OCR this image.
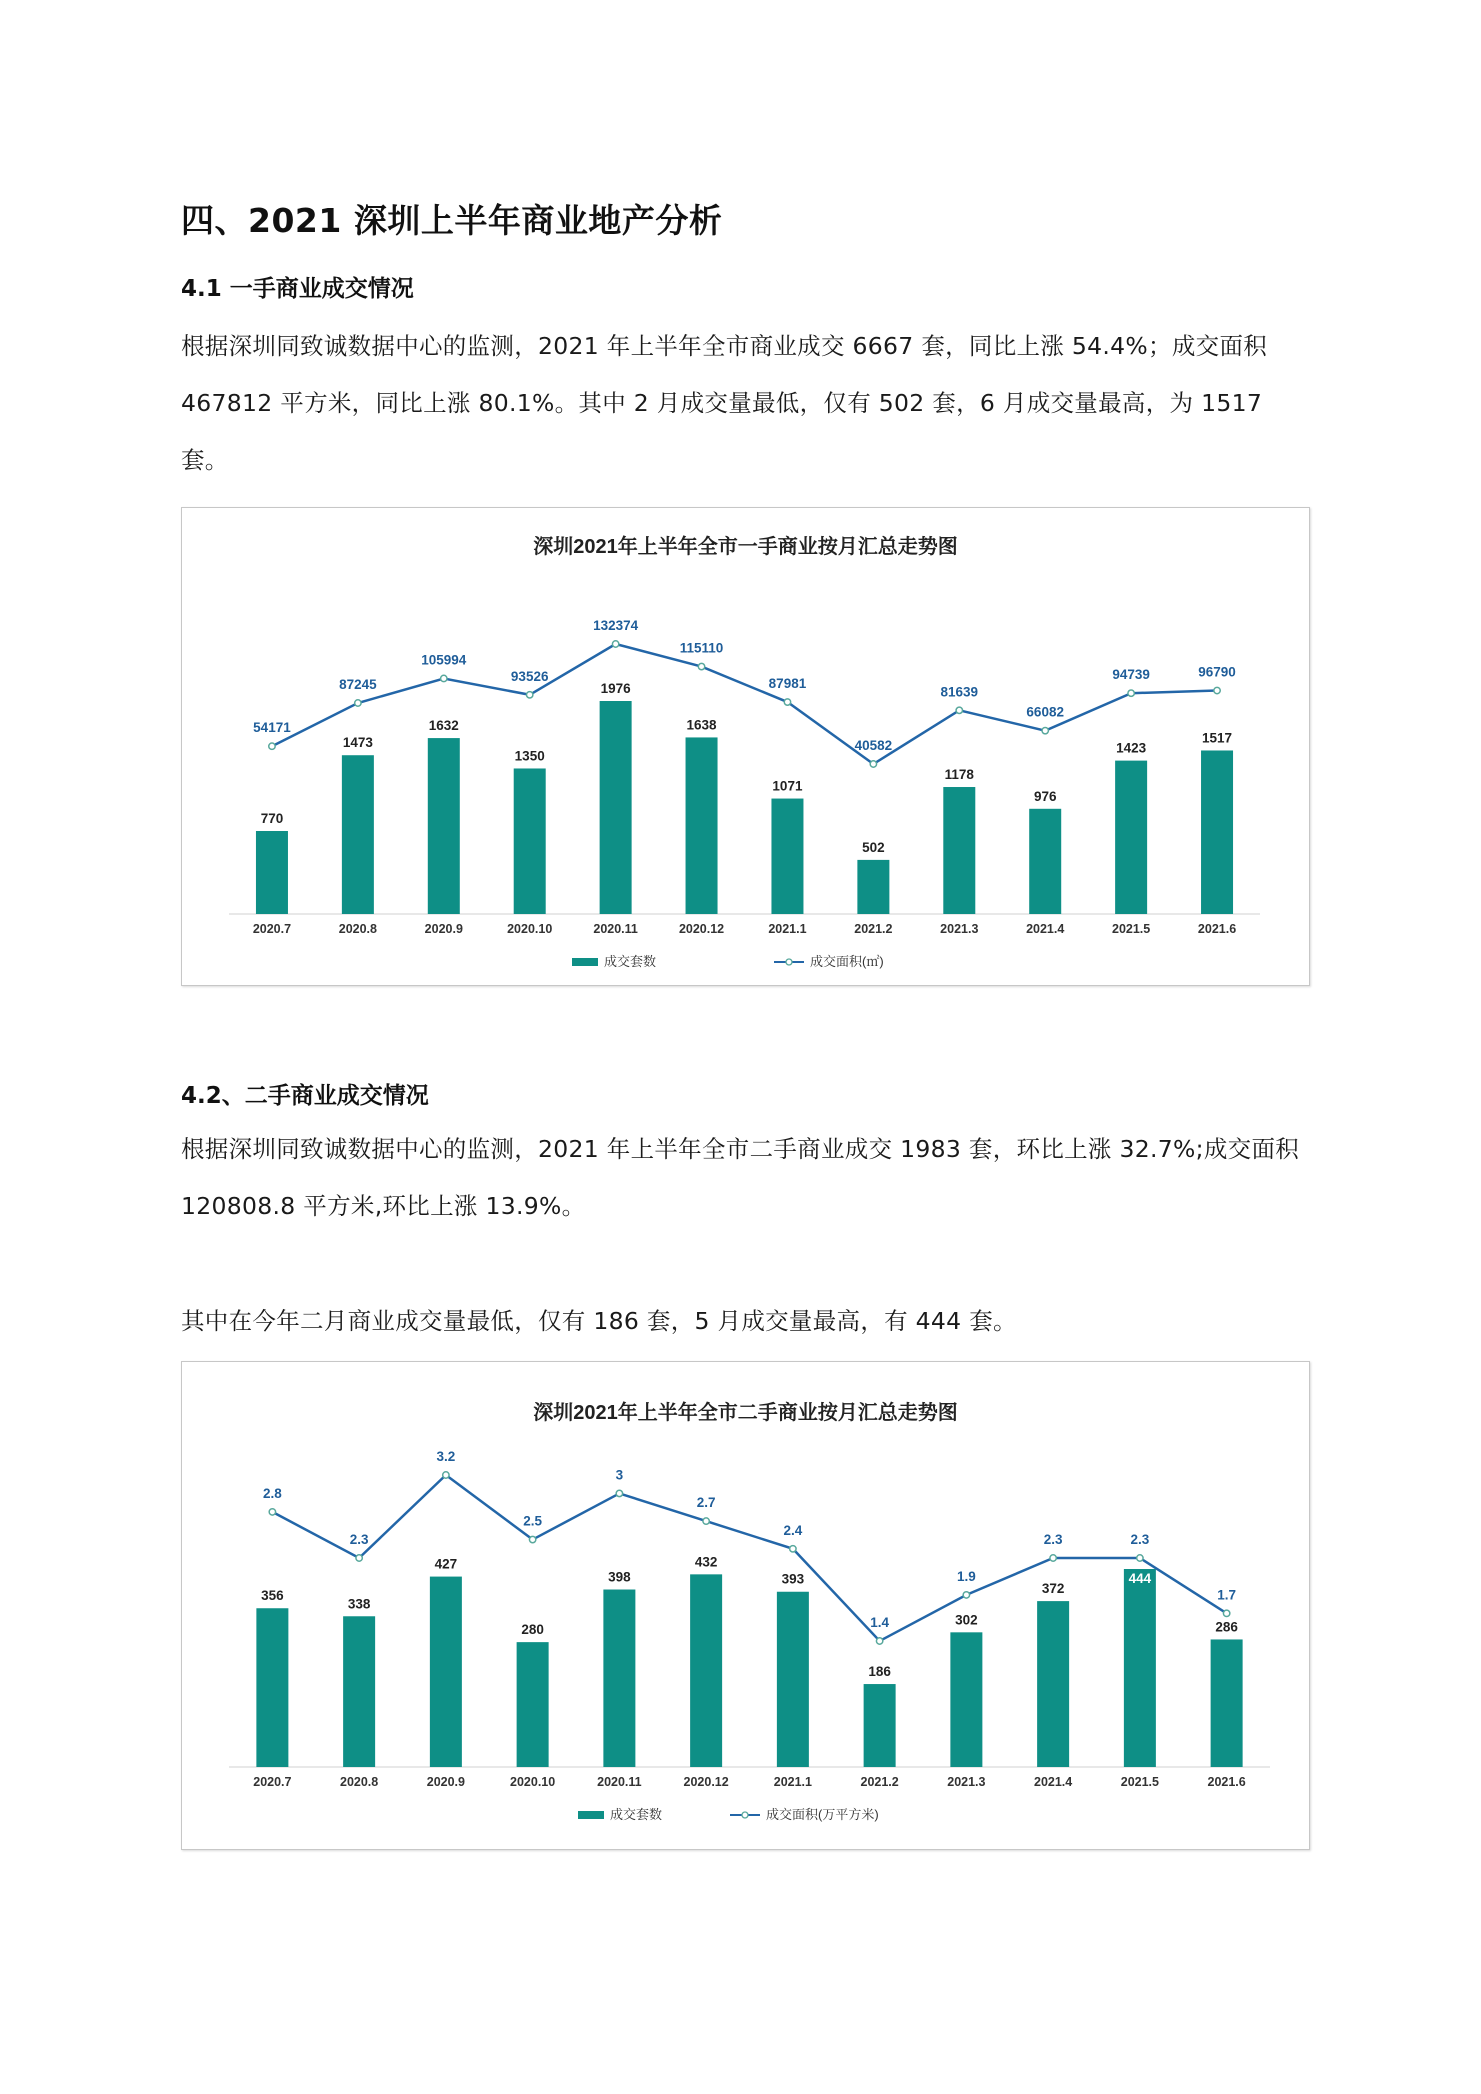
四、2021 深圳上半年商业地产分析
4.1 一手商业成交情况
根据深圳同致诚数据中心的监测，2021 年上半年全市商业成交 6667 套，同比上涨 54.4%；成交面积 467812 平方米，同比上涨 80.1%。其中 2 月成交量最低，仅有 502 套，6 月成交量最高，为 1517 套。
深圳2021年上半年全市一手商业按月汇总走势图
770
2020.7
1473
2020.8
1632
2020.9
1350
2020.10
1976
2020.11
1638
2020.12
1071
2021.1
502
2021.2
1178
2021.3
976
2021.4
1423
2021.5
1517
2021.6
54171
87245
105994
93526
132374
115110
87981
40582
81639
66082
94739	96790
成交套数	成交面积(㎡)
4.2、二手商业成交情况
根据深圳同致诚数据中心的监测，2021 年上半年全市二手商业成交 1983 套，环比上涨 32.7%;成交面积 120808.8 平方米,环比上涨 13.9%。
其中在今年二月商业成交量最低，仅有 186 套，5 月成交量最高，有 444 套。
深圳2021年上半年全市二手商业按月汇总走势图
356
2020.7
338
2020.8
427
2020.9
280
2020.10
398
2020.11
432
2020.12
393
2021.1
186
2021.2
302
2021.3
372
2021.4
444
2021.5
286
2021.6
2.8
2.3
3.2
2.5
3
2.7
2.4
1.4
1.9
2.3	2.3
1.7
成交套数	成交面积(万平方米)
